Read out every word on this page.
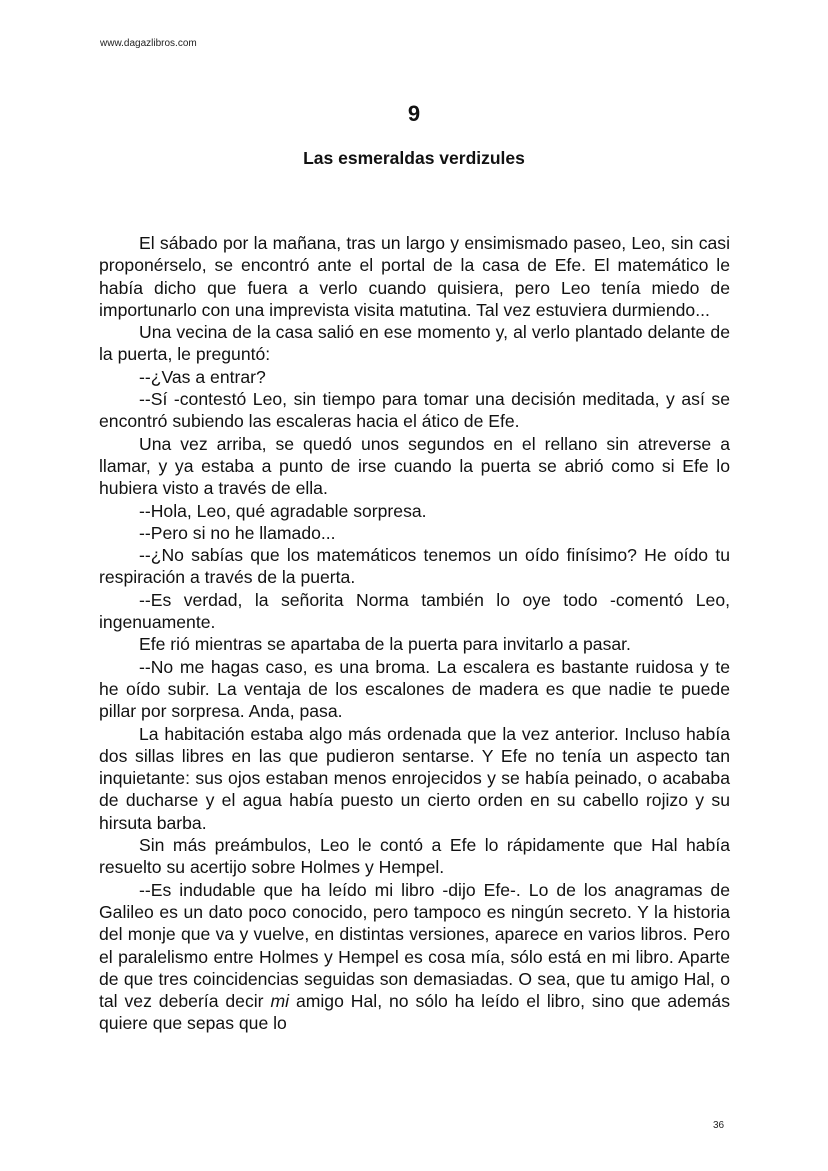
www.dagazlibros.com
9
Las esmeraldas verdizules

El sábado por la mañana, tras un largo y ensimismado paseo, Leo, sin casi proponérselo, se encontró ante el portal de la casa de Efe. El matemático le había dicho que fuera a verlo cuando quisiera, pero Leo tenía miedo de importunarlo con una imprevista visita matutina. Tal vez estuviera durmiendo...

Una vecina de la casa salió en ese momento y, al verlo plantado delante de la puerta, le preguntó:

--¿Vas a entrar?

--Sí -contestó Leo, sin tiempo para tomar una decisión meditada, y así se encontró subiendo las escaleras hacia el ático de Efe.

Una vez arriba, se quedó unos segundos en el rellano sin atreverse a llamar, y ya estaba a punto de irse cuando la puerta se abrió como si Efe lo hubiera visto a través de ella.

--Hola, Leo, qué agradable sorpresa.

--Pero si no he llamado...

--¿No sabías que los matemáticos tenemos un oído finísimo? He oído tu respiración a través de la puerta.

--Es verdad, la señorita Norma también lo oye todo -comentó Leo, ingenuamente.

Efe rió mientras se apartaba de la puerta para invitarlo a pasar.

--No me hagas caso, es una broma. La escalera es bastante ruidosa y te he oído subir. La ventaja de los escalones de madera es que nadie te puede pillar por sorpresa. Anda, pasa.

La habitación estaba algo más ordenada que la vez anterior. Incluso había dos sillas libres en las que pudieron sentarse. Y Efe no tenía un aspecto tan inquietante: sus ojos estaban menos enrojecidos y se había peinado, o acababa de ducharse y el agua había puesto un cierto orden en su cabello rojizo y su hirsuta barba.

Sin más preámbulos, Leo le contó a Efe lo rápidamente que Hal había resuelto su acertijo sobre Holmes y Hempel.

--Es indudable que ha leído mi libro -dijo Efe-. Lo de los anagramas de Galileo es un dato poco conocido, pero tampoco es ningún secreto. Y la historia del monje que va y vuelve, en distintas versiones, aparece en varios libros. Pero el paralelismo entre Holmes y Hempel es cosa mía, sólo está en mi libro. Aparte de que tres coincidencias seguidas son demasiadas. O sea, que tu amigo Hal, o tal vez debería decir mi amigo Hal, no sólo ha leído el libro, sino que además quiere que sepas que lo

36
